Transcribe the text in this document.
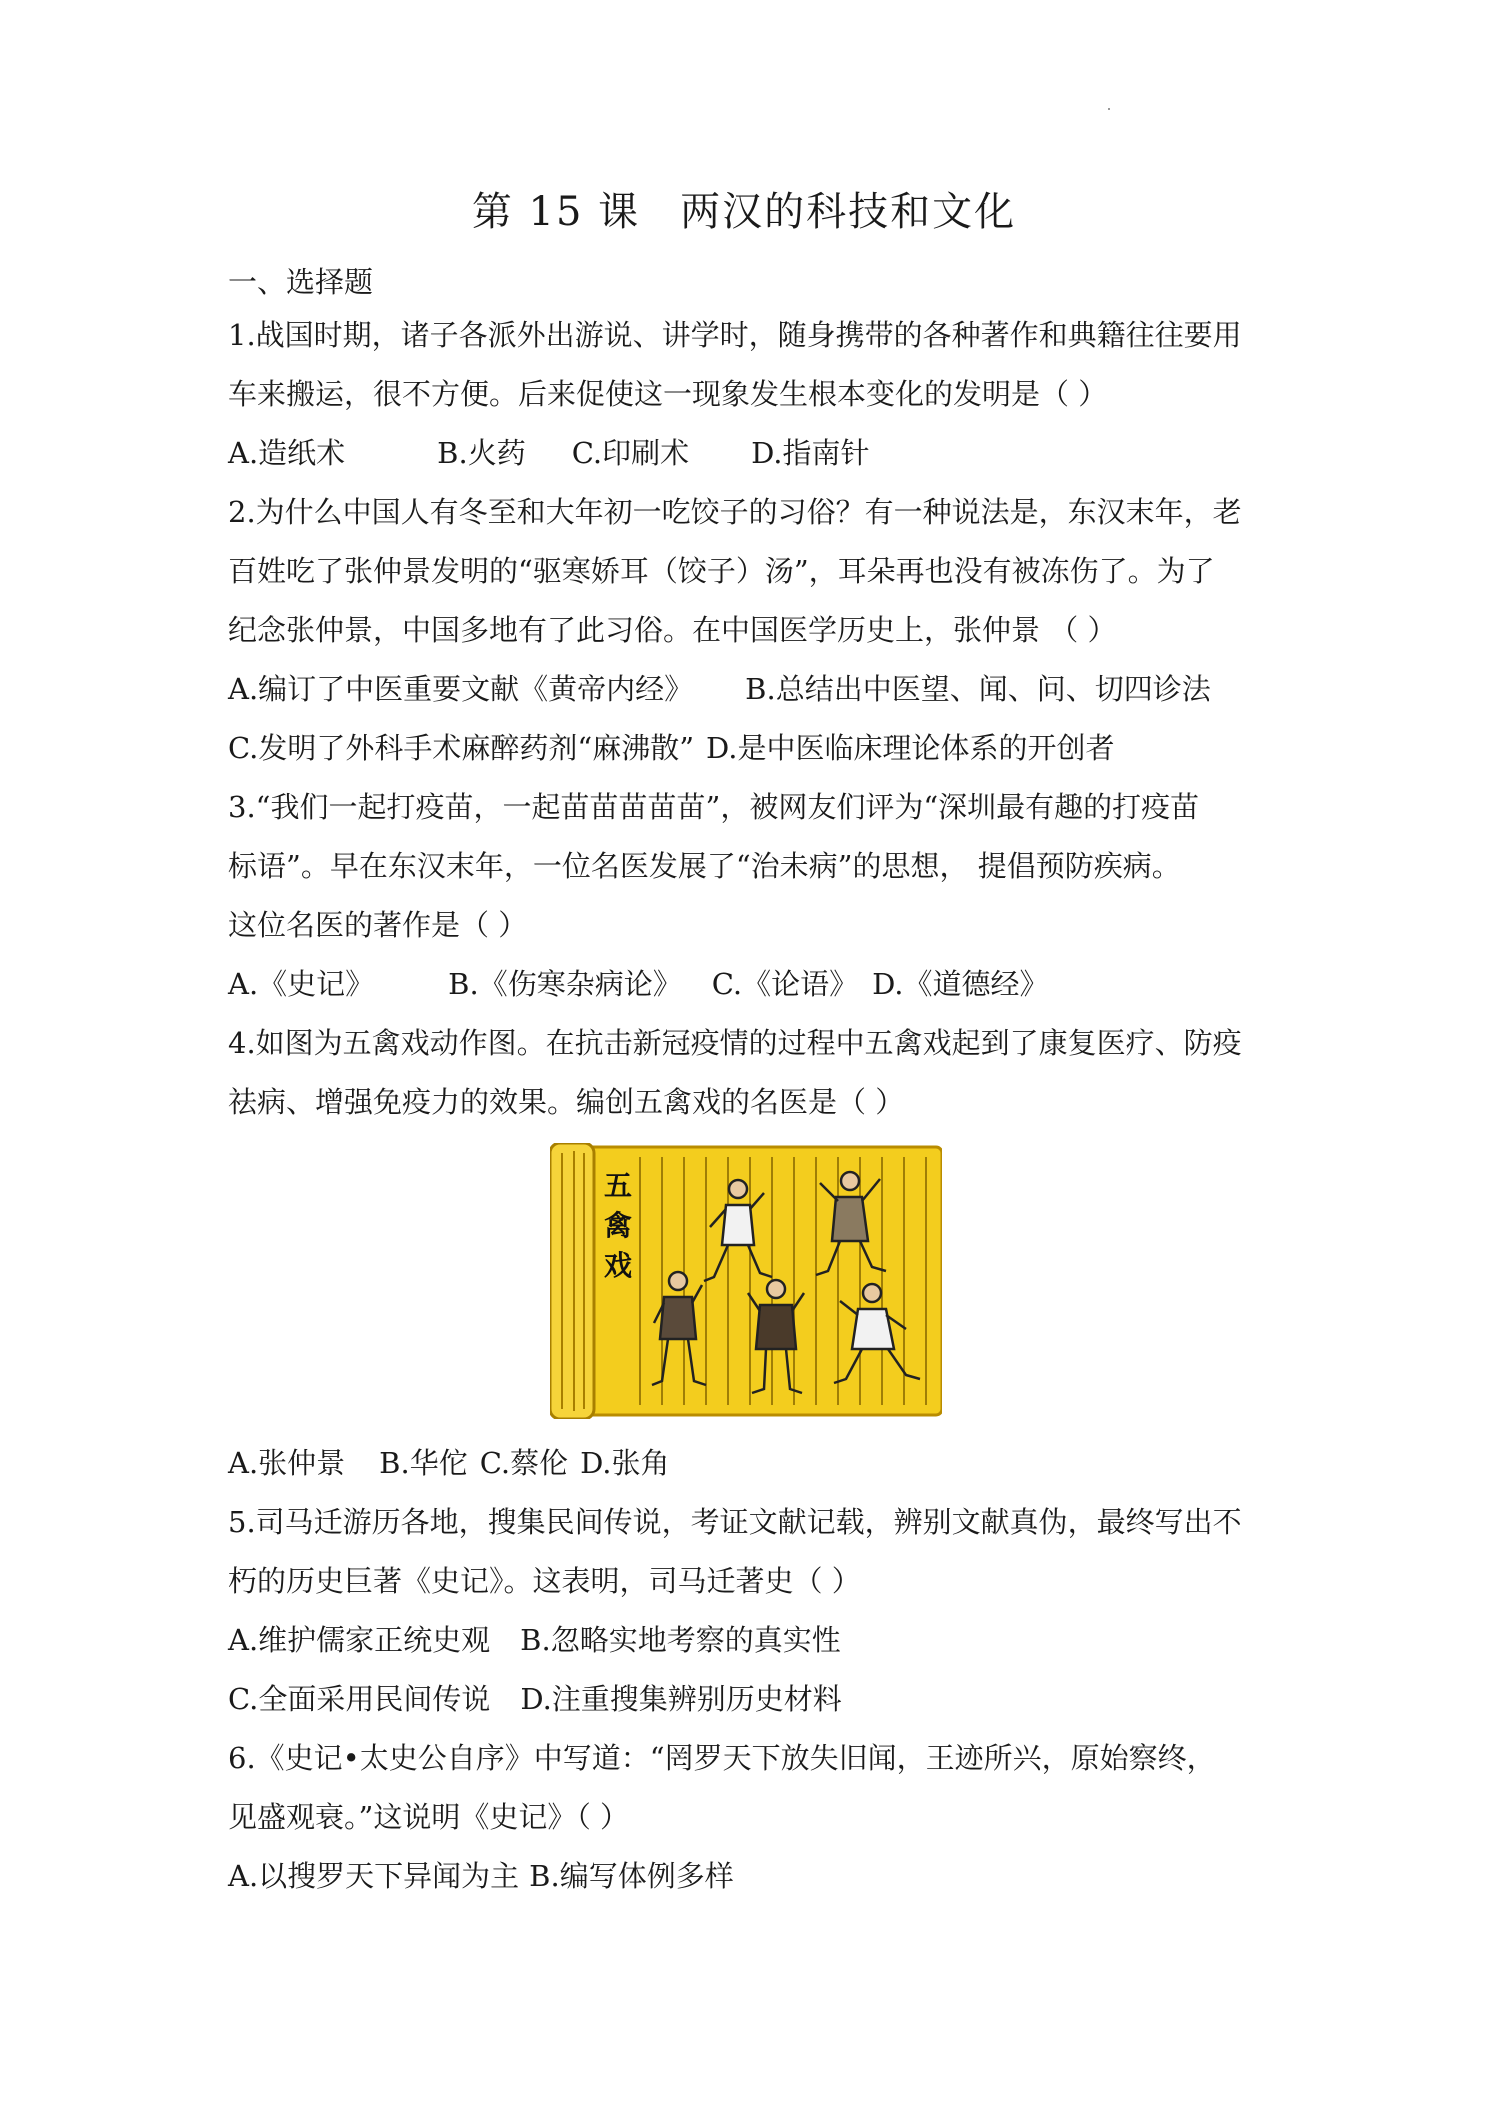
第 15 课 两汉的科技和文化
一、选择题
1.战国时期，诸子各派外出游说、讲学时，随身携带的各种著作和典籍往往要用
车来搬运，很不方便。后来促使这一现象发生根本变化的发明是（ ）
A.造纸术	B.火药 C.印刷术 D.指南针
2.为什么中国人有冬至和大年初一吃饺子的习俗？有一种说法是，东汉末年，老
百姓吃了张仲景发明的“驱寒娇耳（饺子）汤”，耳朵再也没有被冻伤了。为了
纪念张仲景，中国多地有了此习俗。在中国医学历史上，张仲景 （ ）
A.编订了中医重要文献《黄帝内经》 B.总结出中医望、闻、问、切四诊法
C.发明了外科手术麻醉药剂“麻沸散” D.是中医临床理论体系的开创者
3.“我们一起打疫苗，一起苗苗苗苗苗”，被网友们评为“深圳最有趣的打疫苗
标语”。早在东汉末年，一位名医发展了“治未病”的思想， 提倡预防疾病。
这位名医的著作是（ ）
A.《史记》	B.《伤寒杂病论》 C.《论语》 D.《道德经》
4.如图为五禽戏动作图。在抗击新冠疫情的过程中五禽戏起到了康复医疗、防疫
祛病、增强免疫力的效果。编创五禽戏的名医是（ ）
五
禽
戏
A.张仲景 B.华佗 C.蔡伦 D.张角
5.司马迁游历各地，搜集民间传说，考证文献记载，辨别文献真伪，最终写出不
朽的历史巨著《史记》。这表明，司马迁著史（ ）
A.维护儒家正统史观 B.忽略实地考察的真实性
C.全面采用民间传说 D.注重搜集辨别历史材料
6.《史记•太史公自序》中写道：“罔罗天下放失旧闻，王迹所兴，原始察终，
见盛观衰。”这说明《史记》（ ）
A.以搜罗天下异闻为主 B.编写体例多样
